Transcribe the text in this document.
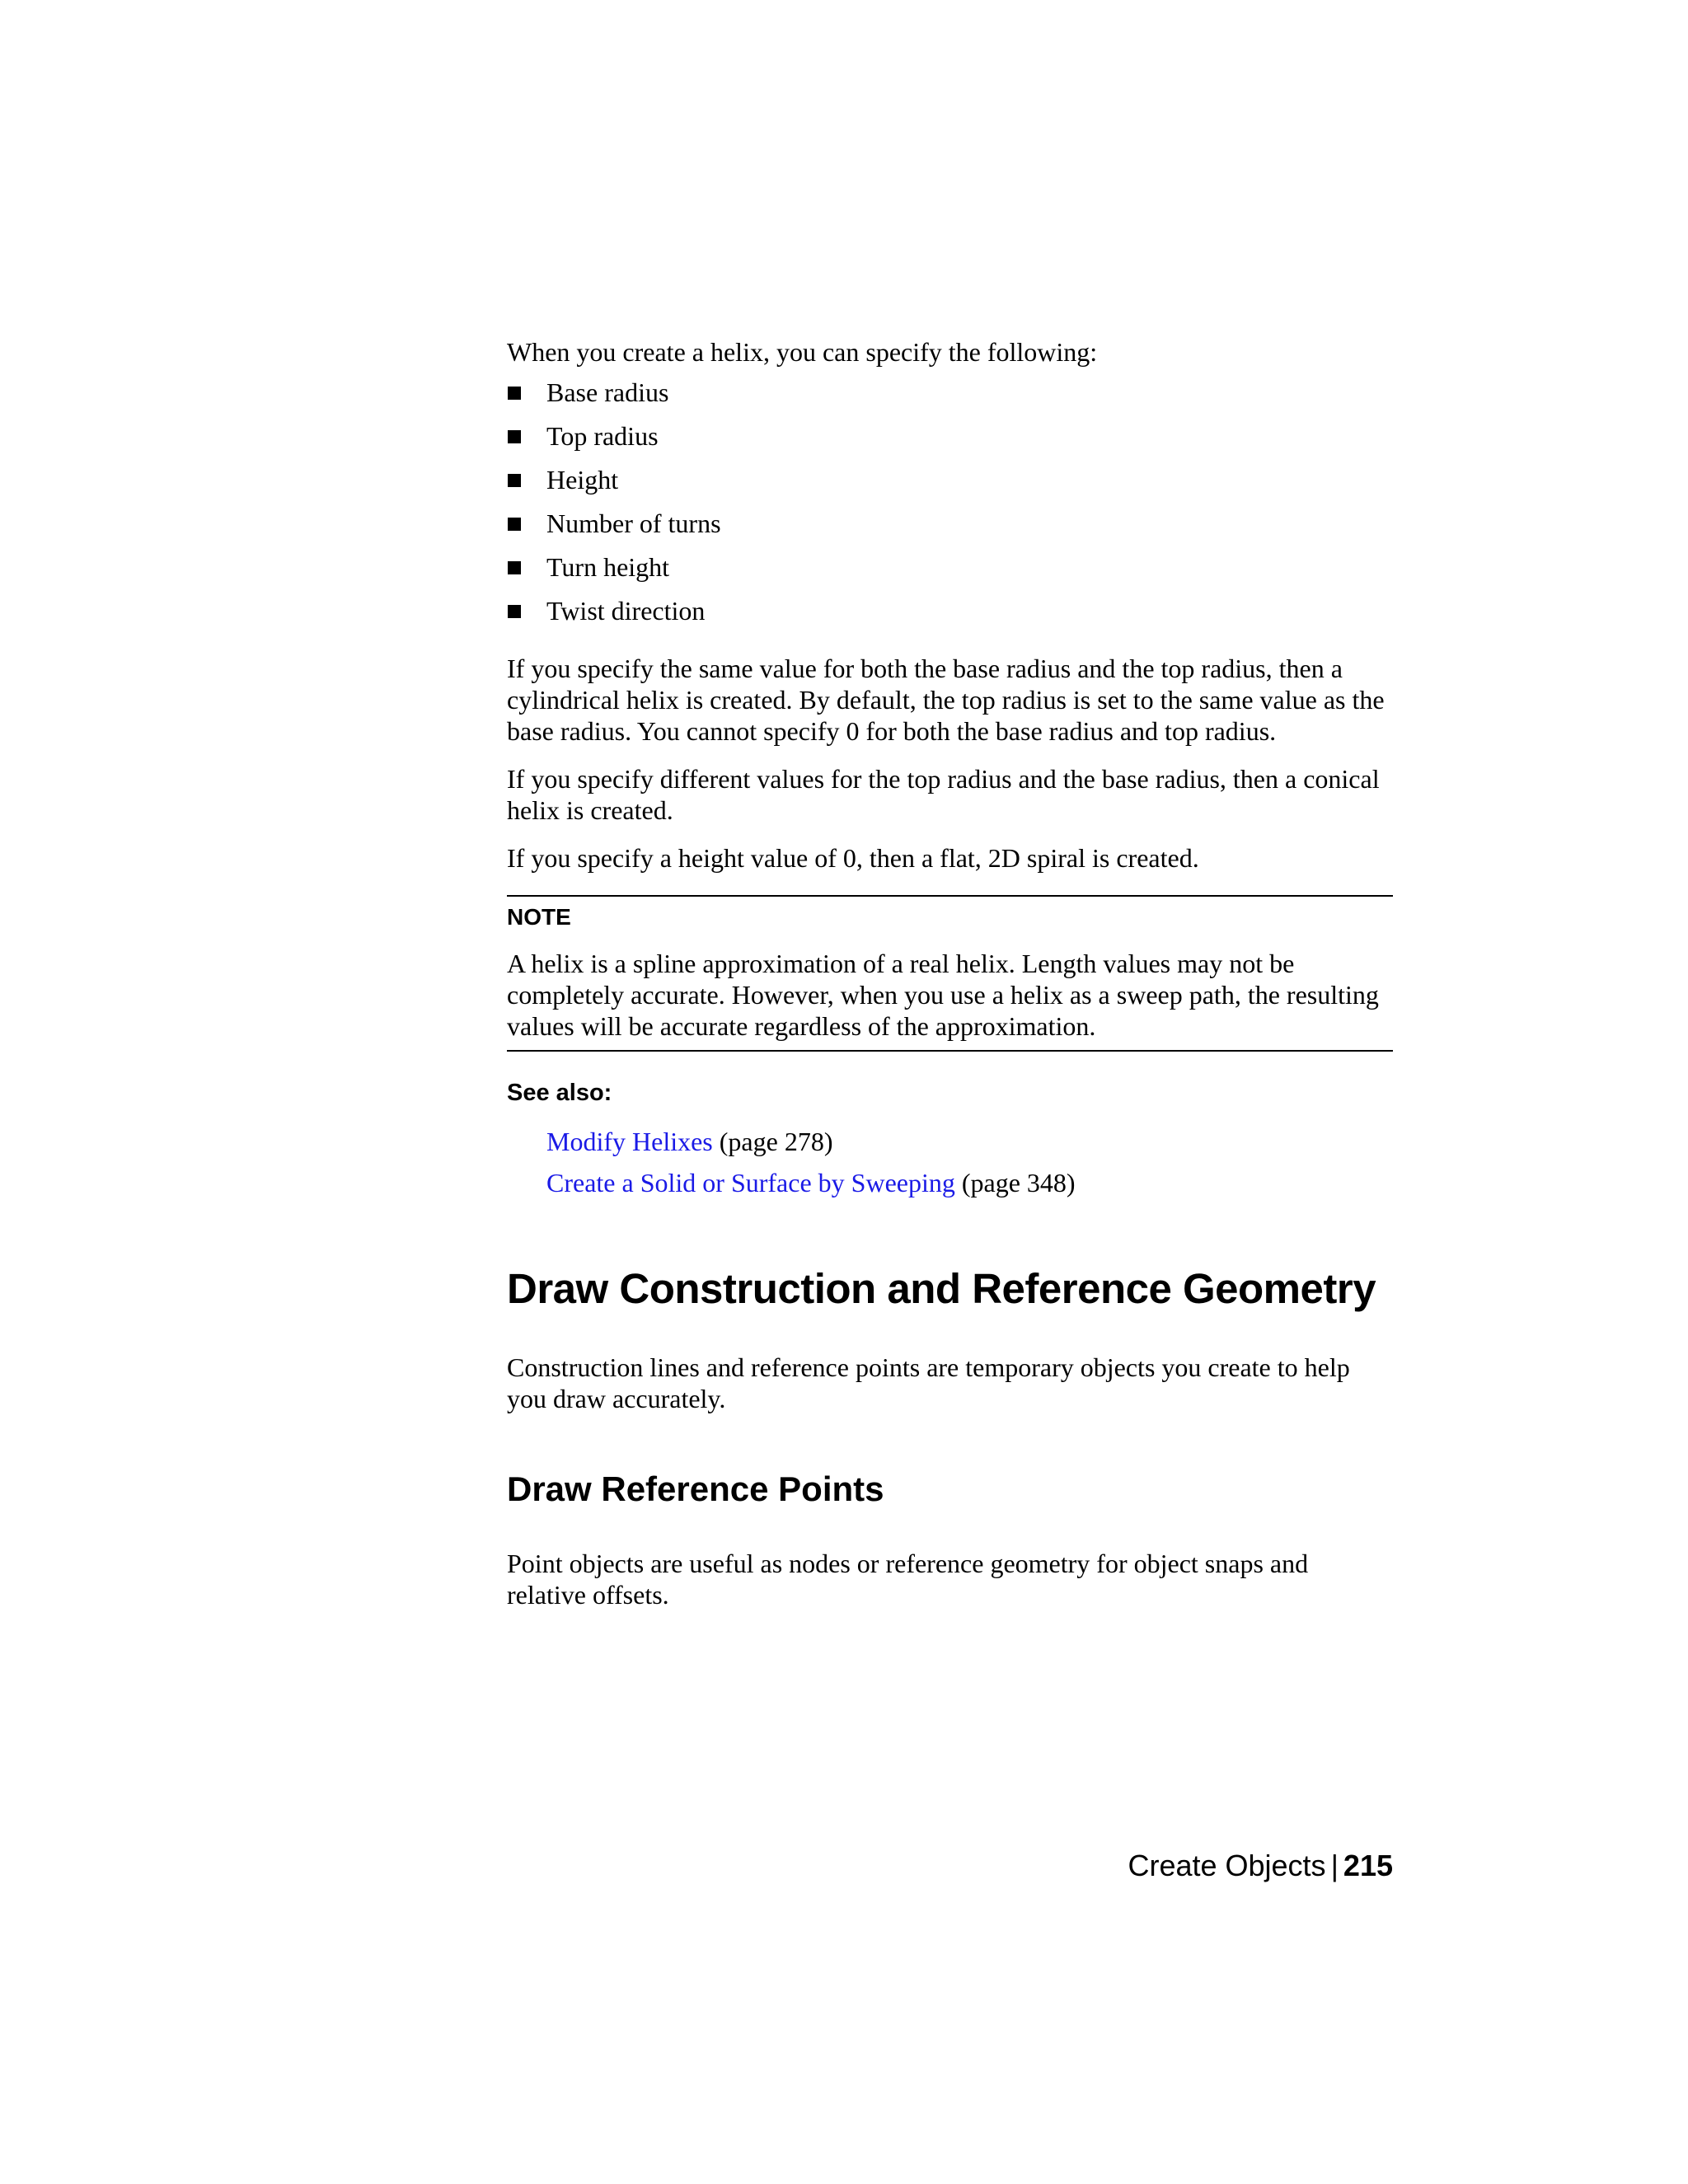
When you create a helix, you can specify the following:

Base radius
Top radius
Height
Number of turns
Turn height
Twist direction

If you specify the same value for both the base radius and the top radius, then a cylindrical helix is created. By default, the top radius is set to the same value as the base radius. You cannot specify 0 for both the base radius and top radius.

If you specify different values for the top radius and the base radius, then a conical helix is created.

If you specify a height value of 0, then a flat, 2D spiral is created.

NOTE

A helix is a spline approximation of a real helix. Length values may not be completely accurate. However, when you use a helix as a sweep path, the resulting values will be accurate regardless of the approximation.

See also:
Modify Helixes (page 278)
Create a Solid or Surface by Sweeping (page 348)
Draw Construction and Reference Geometry

Construction lines and reference points are temporary objects you create to help you draw accurately.

Draw Reference Points

Point objects are useful as nodes or reference geometry for object snaps and relative offsets.

Create Objects | 215
